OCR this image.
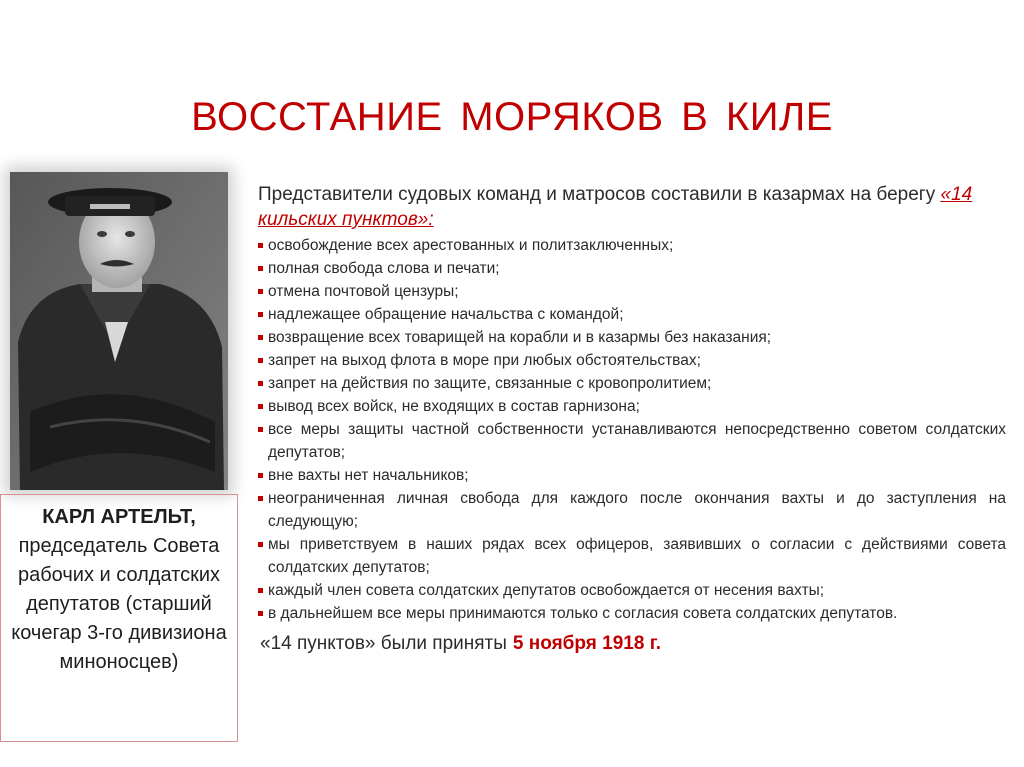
ВОССТАНИЕ МОРЯКОВ В КИЛЕ
КАРЛ АРТЕЛЬТ,
председатель Совета рабочих и солдатских депутатов (старший кочегар 3-го дивизиона миноносцев)
Представители судовых команд и матросов составили в казармах на берегу «14 кильских пунктов»:
освобождение всех арестованных и политзаключенных;
полная свобода слова и печати;
отмена почтовой цензуры;
надлежащее обращение начальства с командой;
возвращение всех товарищей на корабли и в казармы без наказания;
запрет на выход флота в море при любых обстоятельствах;
запрет на действия по защите, связанные с кровопролитием;
вывод всех войск, не входящих в состав гарнизона;
все меры защиты частной собственности устанавливаются непосредственно советом солдатских депутатов;
вне вахты нет начальников;
неограниченная личная свобода для каждого после окончания вахты и до заступления на следующую;
мы приветствуем в наших рядах всех офицеров, заявивших о согласии с действиями совета солдатских депутатов;
каждый член совета солдатских депутатов освобождается от несения вахты;
в дальнейшем все меры принимаются только с согласия совета солдатских депутатов.
«14 пунктов» были приняты 5 ноября 1918 г.
